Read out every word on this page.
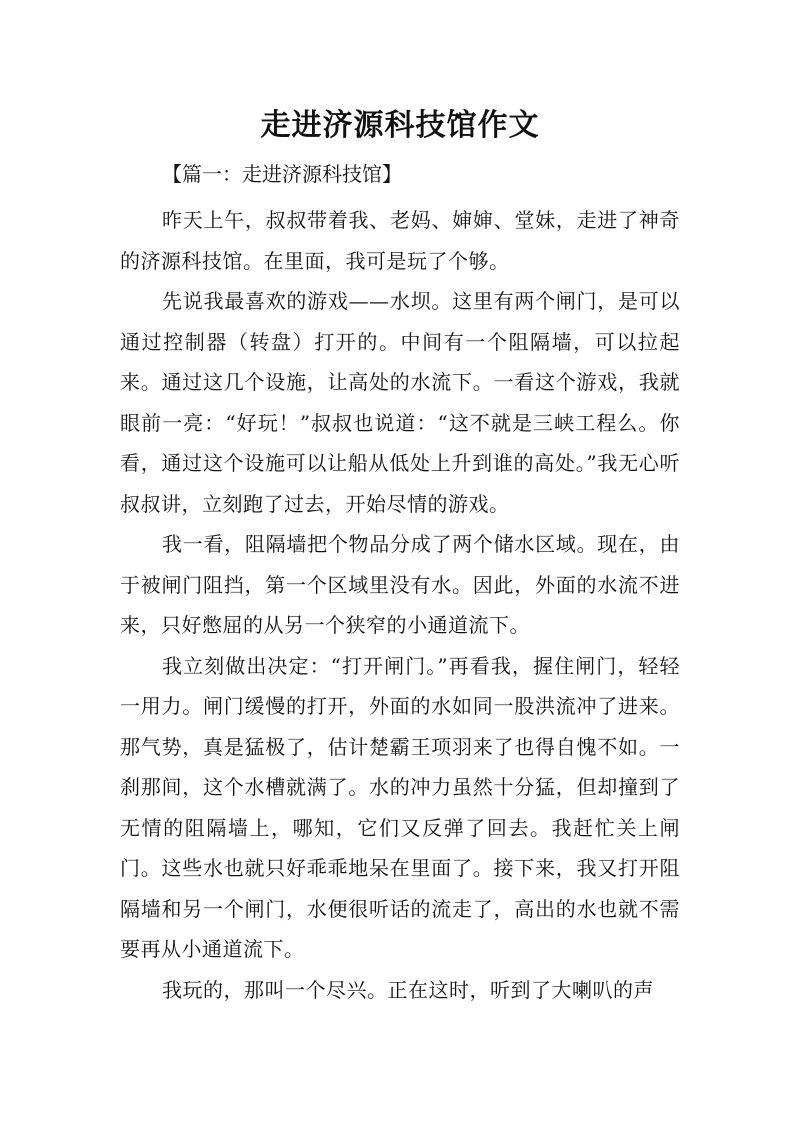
走进济源科技馆作文

【篇一：走进济源科技馆】

昨天上午，叔叔带着我、老妈、婶婶、堂妹，走进了神奇的济源科技馆。在里面，我可是玩了个够。

先说我最喜欢的游戏——水坝。这里有两个闸门，是可以通过控制器（转盘）打开的。中间有一个阻隔墙，可以拉起来。通过这几个设施，让高处的水流下。一看这个游戏，我就眼前一亮：“好玩！”叔叔也说道：“这不就是三峡工程么。你看，通过这个设施可以让船从低处上升到谁的高处。”我无心听叔叔讲，立刻跑了过去，开始尽情的游戏。

我一看，阻隔墙把个物品分成了两个储水区域。现在，由于被闸门阻挡，第一个区域里没有水。因此，外面的水流不进来，只好憋屈的从另一个狭窄的小通道流下。

我立刻做出决定：“打开闸门。”再看我，握住闸门，轻轻一用力。闸门缓慢的打开，外面的水如同一股洪流冲了进来。那气势，真是猛极了，估计楚霸王项羽来了也得自愧不如。一刹那间，这个水槽就满了。水的冲力虽然十分猛，但却撞到了无情的阻隔墙上，哪知，它们又反弹了回去。我赶忙关上闸门。这些水也就只好乖乖地呆在里面了。接下来，我又打开阻隔墙和另一个闸门，水便很听话的流走了，高出的水也就不需要再从小通道流下。

我玩的，那叫一个尽兴。正在这时，听到了大喇叭的声
